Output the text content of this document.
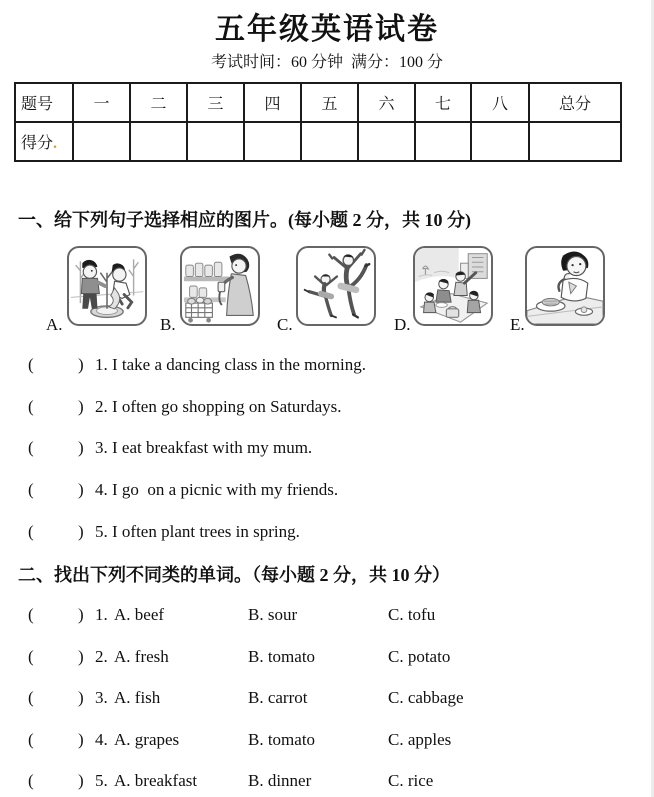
五年级英语试卷
考试时间：60 分钟  满分：100 分
题号	一	二	三	四	五	六	七	八	总分
得分.									
一、给下列句子选择相应的图片。(每小题 2 分，共 10 分)
A.	B.	C.	D.	E.
(	) 1. I take a dancing class in the morning.
(	) 2. I often go shopping on Saturdays.
(	) 3. I eat breakfast with my mum.
(	) 4. I go  on a picnic with my friends.
(	) 5. I often plant trees in spring.
二、找出下列不同类的单词。（每小题 2 分，共 10 分）
(	) 1. A. beef	B. sour	C. tofu
(	) 2. A. fresh	B. tomato	C. potato
(	) 3. A. fish	B. carrot	C. cabbage
(	) 4. A. grapes	B. tomato	C. apples
(	) 5. A. breakfast	B. dinner	C. rice
